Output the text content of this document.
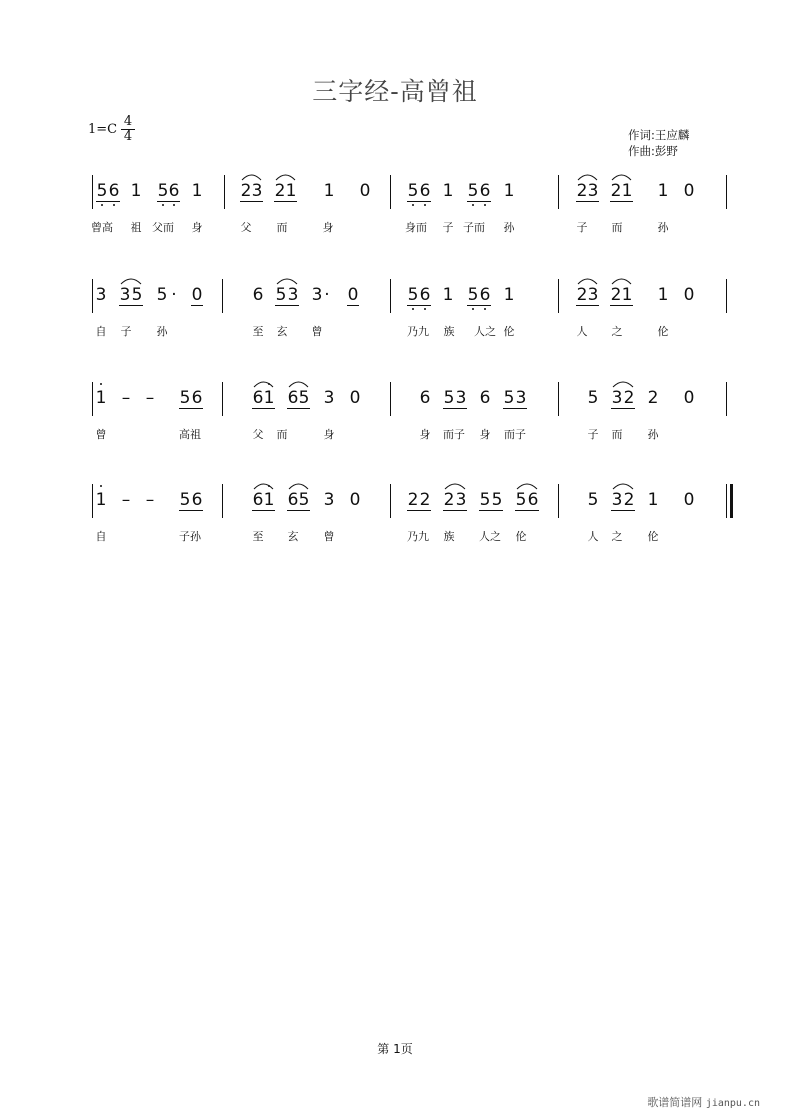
三字经-高曾祖
1=C
4
4	作词:王应麟
作曲:彭野
5 6 1 5 6 1 2 3 2 1 1 0 5 6 1 5 6 1	2 3 2 1 1 0
曾高 祖 父而 身	父 而	身	身而 子 子而 孙	子 而	孙
3 3 5 5 · 0	6 5 3 3 · 0	5 6 1 5 6 1	2 3 2 1 1 0
自 子 孙	至 玄 曾	乃九 族 人之 伦	人 之	伦
1 – – 5 6	6 1 6 5 3 0	6 5 3 6 5 3	5 3 2 2 0
曾	高祖	父 而	身	身 而子 身 而子	子 而 孙
1 – – 5 6	6 1 6 5 3 0	2 2 2 3 5 5 5 6	5 3 2 1 0
自	子孙	至 玄 曾	乃九 族 人之 伦	人 之 伦
第 1页
歌谱简谱网 jianpu.cn
